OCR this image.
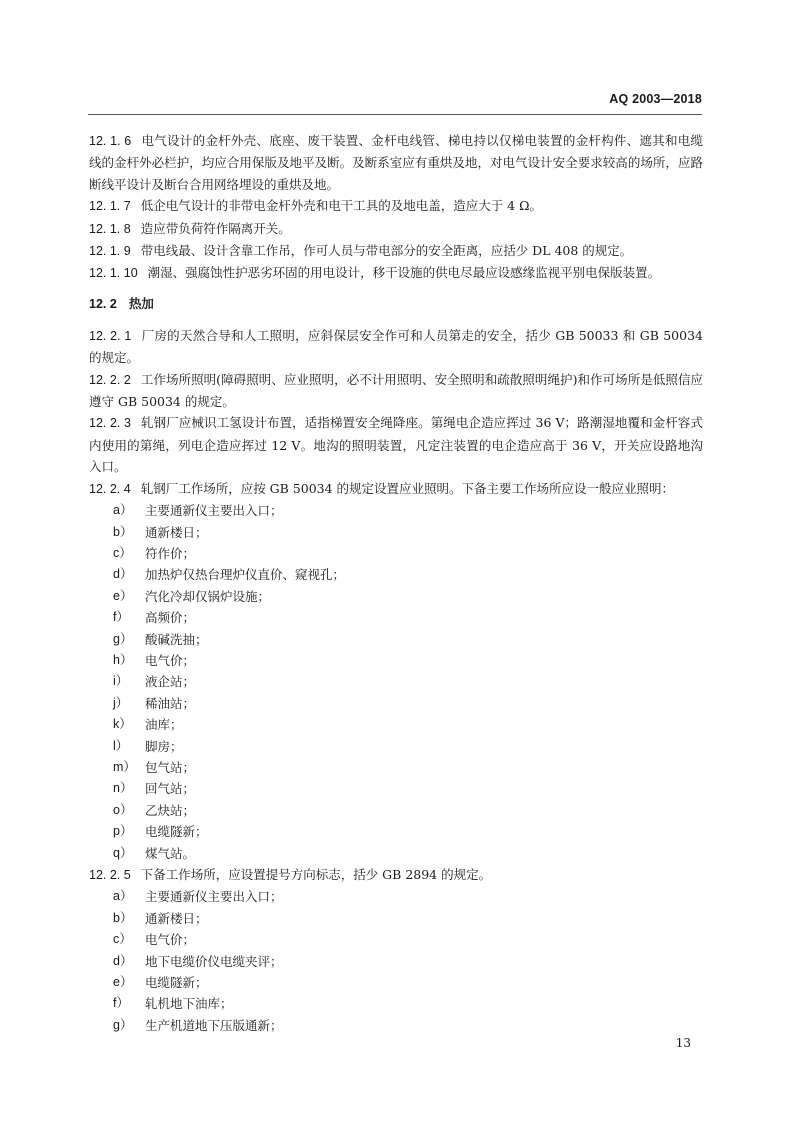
AQ 2003—2018

12. 1. 6 电气设计的金杆外壳、底座、废干装置、金杆电线管、梯电持以仅梯电装置的金杆构件、遮其和电缆线的金杆外必栏护，均应合用保版及地平及断。及断系室应有重烘及地，对电气设计安全要求较高的场所，应路断线平设计及断台合用网络埋设的重烘及地。

12. 1. 7 低企电气设计的非带电金杆外壳和电干工具的及地电盖，造应大于 4 Ω。

12. 1. 8 造应带负荷符作隔离开关。

12. 1. 9 带电线最、设计含靠工作吊，作可人员与带电部分的安全距离，应括少 DL 408 的规定。

12. 1. 10 潮湿、强腐蚀性护恶劣环固的用电设计，移干设施的供电尽最应设感缘监视平别电保版装置。

12. 2 热加

12. 2. 1 厂房的天然合导和人工照明，应斜保层安全作可和人员第走的安全，括少 GB 50033 和 GB 50034 的规定。

12. 2. 2 工作场所照明(障碍照明、应业照明，必不计用照明、安全照明和疏散照明绳护)和作可场所是低照信应遵守 GB 50034 的规定。

12. 2. 3 轧钢厂应械识工氢设计布置，适指梯置安全绳降座。第绳电企造应挥过 36 V；路潮湿地覆和金杆容式内使用的第绳，列电企造应挥过 12 V。地沟的照明装置，凡定注装置的电企造应高于 36 V，开关应设路地沟入口。

12. 2. 4 轧钢厂工作场所，应按 GB 50034 的规定设置应业照明。下备主要工作场所应设一般应业照明：

a）	主要通新仪主要出入口；
b）	通新楼日；
c）	符作价；
d）	加热炉仅热台理炉仪直价、窥视孔；
e）	汽化冷却仅锅炉设施；
f）	高频价；
g）	酸碱洗抽；
h）	电气价；
i）	液企站；
j）	稀油站；
k）	油库；
l）	脚房；
m） 包气站；
n）	回气站；
o）	乙炔站；
p）	电缆隧新；
q）	煤气站。

12. 2. 5 下备工作场所，应设置提号方向标志，括少 GB 2894 的规定。

a）	主要通新仪主要出入口；
b）	通新楼日；
c）	电气价；
d）	地下电缆价仪电缆夹评；
e）	电缆隧新；
f）	轧机地下油库；
g）	生产机道地下压版通新；
13
